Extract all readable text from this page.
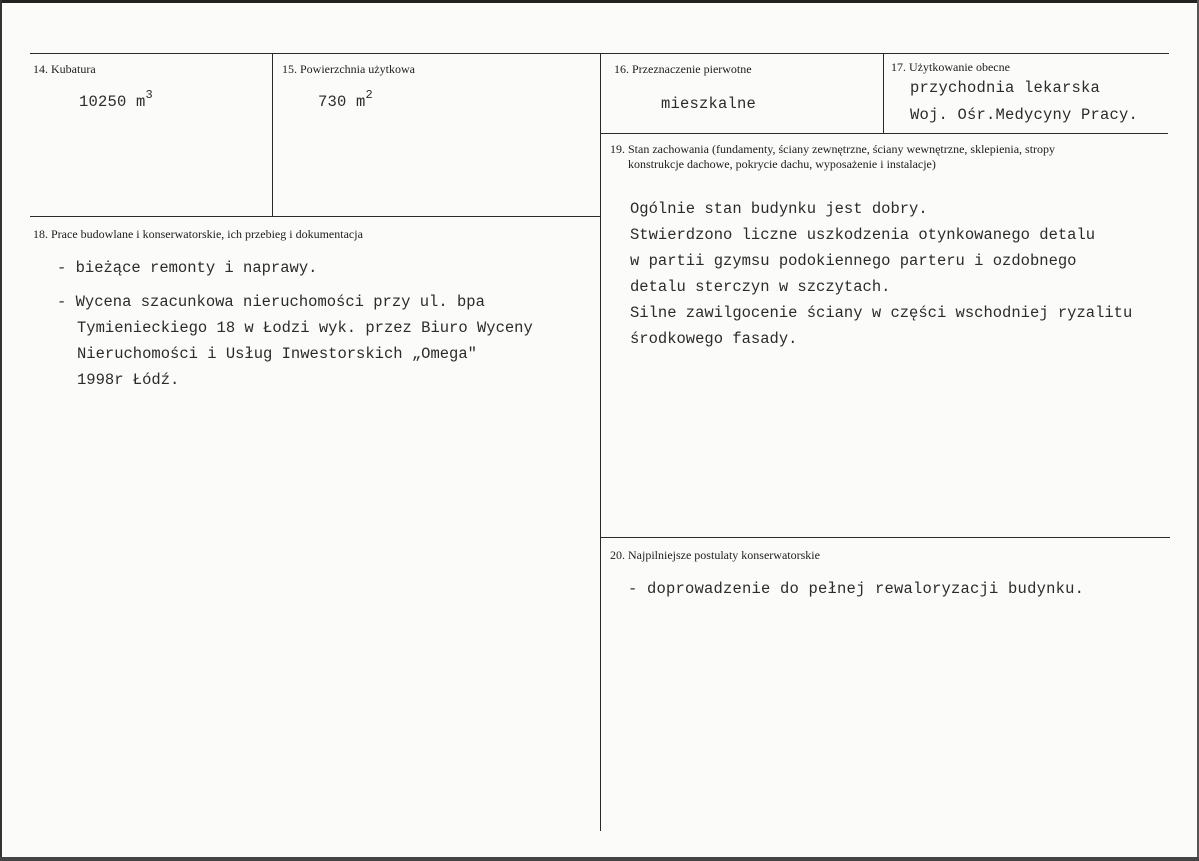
14. Kubatura
10250 $m^3$
15. Powierzchnia użytkowa
730 $m^2$
16. Przeznaczenie pierwotne
mieszkalne
17. Użytkowanie obecne
przychodnia lekarska
Woj. Ośr.Medycyny Pracy.
19. Stan zachowania (fundamenty, ściany zewnętrzne, ściany wewnętrzne, sklepienia, stropy
konstrukcje dachowe, pokrycie dachu, wyposażenie i instalacje)
Ogólnie stan budynku jest dobry.
Stwierdzono liczne uszkodzenia otynkowanego detalu
w partii gzymsu podokiennego parteru i ozdobnego
detalu sterczyn w szczytach.
Silne zawilgocenie ściany w części wschodniej ryzalitu
środkowego fasady.
18. Prace budowlane i konserwatorskie, ich przebieg i dokumentacja
- bieżące remonty i naprawy.
- Wycena szacunkowa nieruchomości przy ul. bpa
Tymienieckiego 18 w Łodzi wyk. przez Biuro Wyceny
Nieruchomości i Usług Inwestorskich „Omega"
1998r Łódź.
20. Najpilniejsze postulaty konserwatorskie
- doprowadzenie do pełnej rewaloryzacji budynku.
